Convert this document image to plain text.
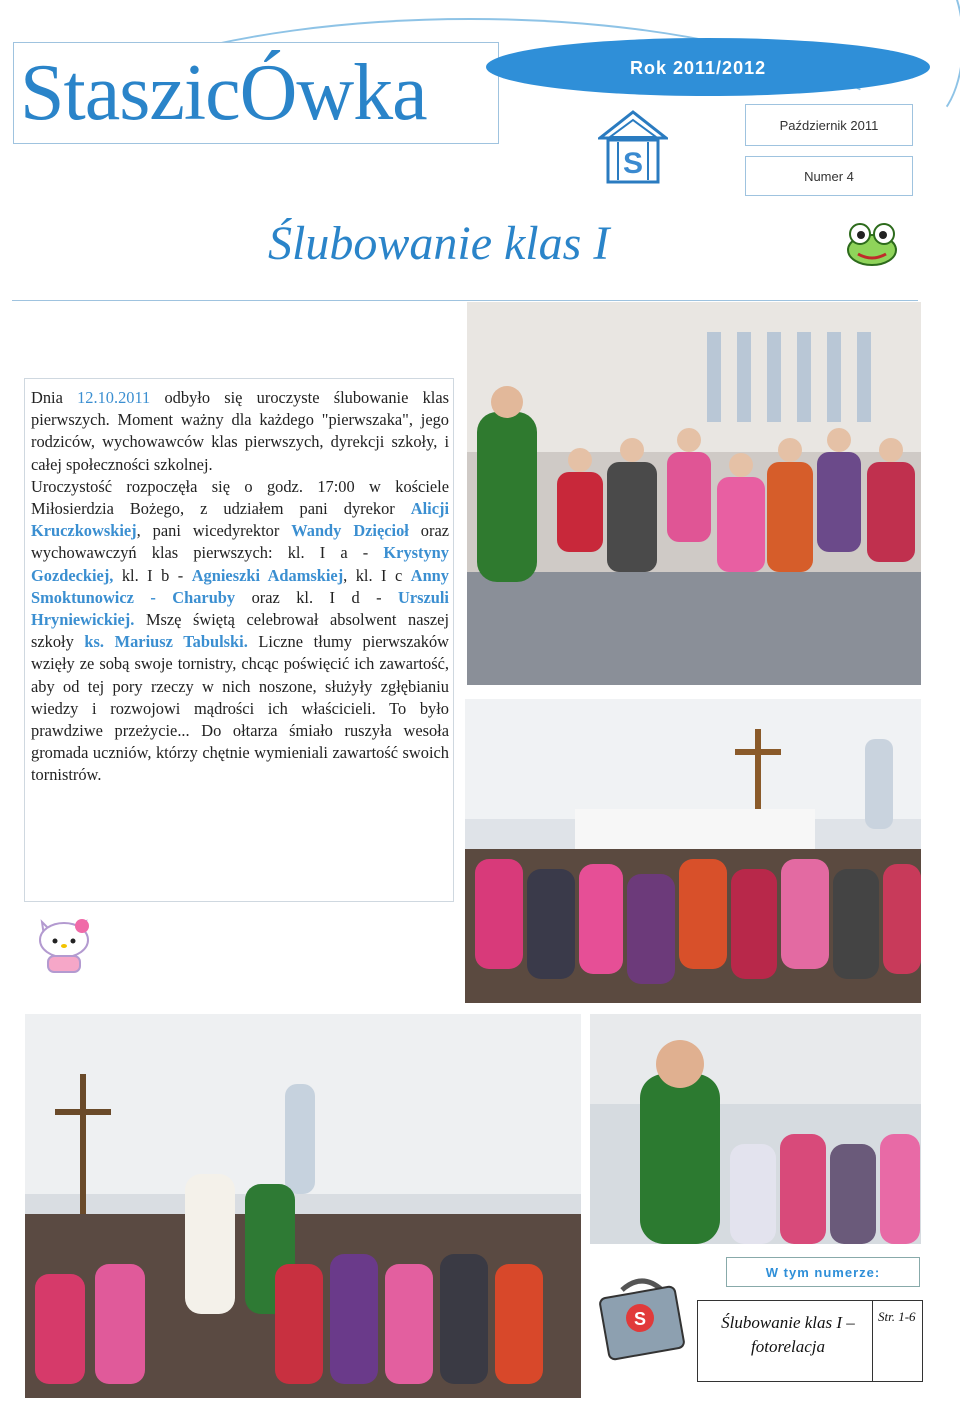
StaszicÓwka	Rok 2011/2012
Październik 2011
Numer 4
S
Ślubowanie klas I

Dnia 12.10.2011 odbyło się uroczyste ślubowanie klas pierwszych. Moment ważny dla każdego "pierwszaka", jego rodziców, wychowawców klas pierwszych, dyrekcji szkoły, i całej społeczności szkolnej.

Uroczystość rozpoczęła się o godz. 17:00 w kościele Miłosierdzia Bożego, z udziałem pani dyrekor Alicji Kruczkowskiej, pani wicedyrektor Wandy Dzięcioł oraz wychowawczyń klas pierwszych: kl. I a - Krystyny Gozdeckiej, kl. I b - Agnieszki Adamskiej, kl. I c Anny Smoktunowicz - Charuby oraz kl. I d - Urszuli Hryniewickiej. Mszę świętą celebrował absolwent naszej szkoły ks. Mariusz Tabulski. Liczne tłumy pierwszaków wzięły ze sobą swoje tornistry, chcąc poświęcić ich zawartość, aby od tej pory rzeczy w nich noszone, służyły zgłębianiu wiedzy i rozwojowi mądrości ich właścicieli. To było prawdziwe przeżycie... Do ołtarza śmiało ruszyła wesoła gromada uczniów, którzy chętnie wymieniali zawartość swoich tornistrów.

S
W tym numerze:
Ślubowanie klas I – fotorelacja
Str. 1-6
